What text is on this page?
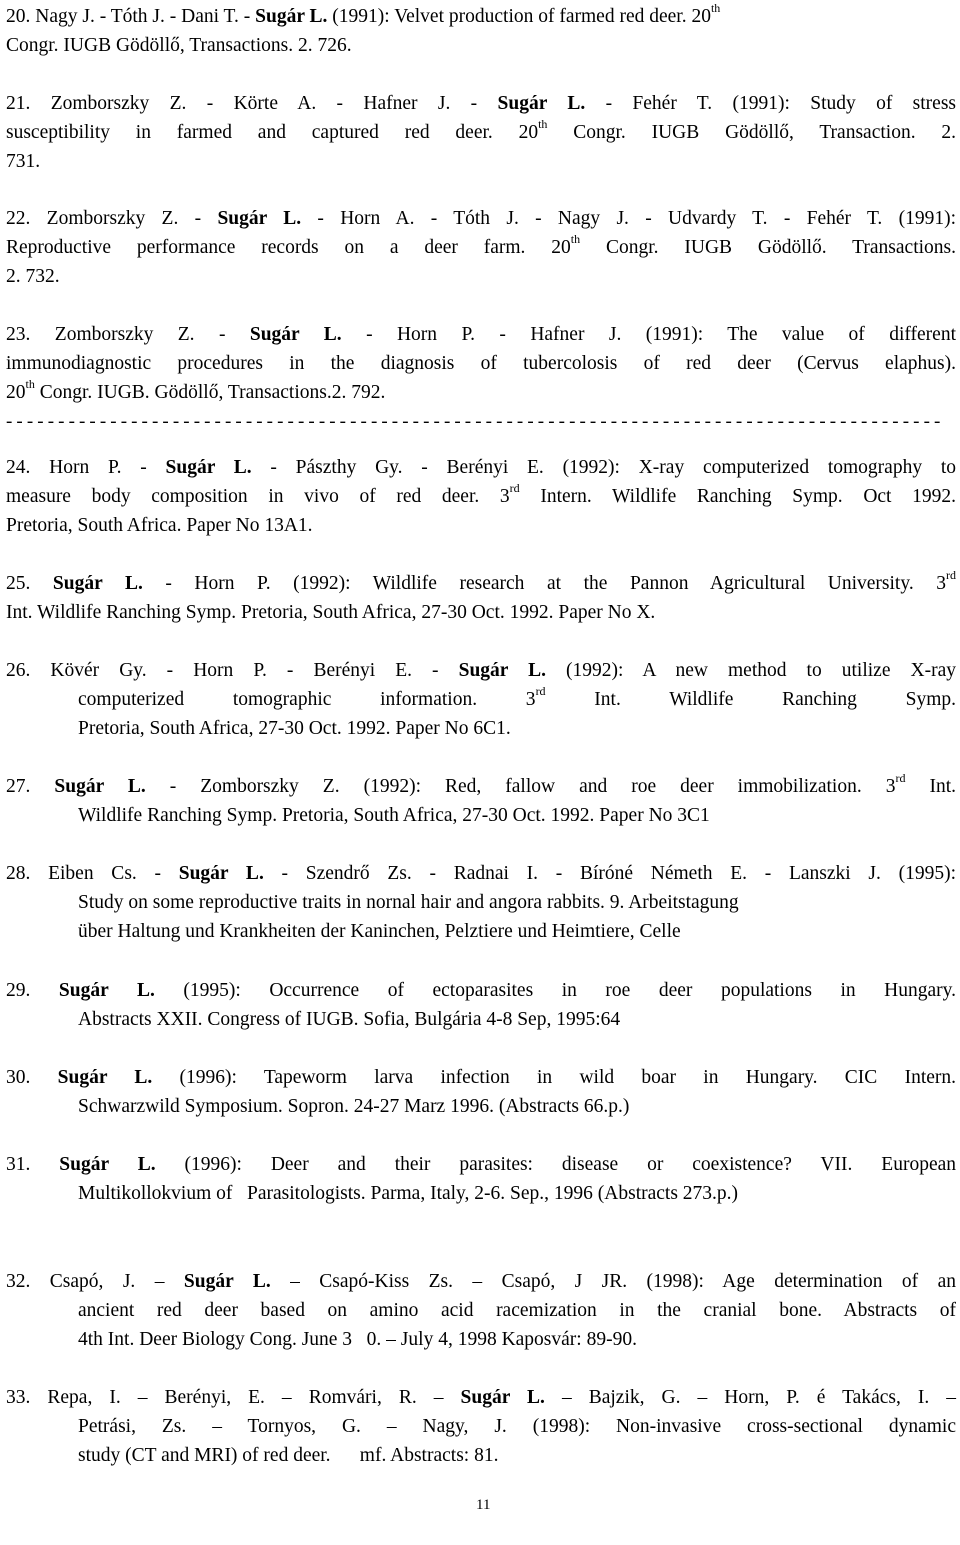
20. Nagy J. - Tóth J. - Dani T. - Sugár L. (1991): Velvet production of farmed red deer. 20th
Congr. IUGB Gödöllő, Transactions. 2. 726.
21. Zomborszky Z. - Körte A. - Hafner J. - Sugár L. - Fehér T. (1991): Study of stress
susceptibility in farmed and captured red deer. 20th Congr. IUGB Gödöllő, Transaction. 2.
731.
22. Zomborszky Z. - Sugár L. - Horn A. - Tóth J. - Nagy J. - Udvardy T. - Fehér T. (1991):
Reproductive performance records on a deer farm. 20th Congr. IUGB Gödöllő. Transactions.
2. 732.
23. Zomborszky Z. - Sugár L. - Horn P. - Hafner J. (1991): The value of different
immunodiagnostic procedures in the diagnosis of tubercolosis of red deer (Cervus elaphus).
20th Congr. IUGB. Gödöllő, Transactions.2. 792.
24. Horn P. - Sugár L. - Pászthy Gy. - Berényi E. (1992): X-ray computerized tomography to
measure body composition in vivo of red deer. 3rd Intern. Wildlife Ranching Symp. Oct 1992.
Pretoria, South Africa. Paper No 13A1.
25. Sugár L. - Horn P. (1992): Wildlife research at the Pannon Agricultural University. 3rd
Int. Wildlife Ranching Symp. Pretoria, South Africa, 27-30 Oct. 1992. Paper No X.
26. Kövér Gy. - Horn P. - Berényi E. - Sugár L. (1992): A new method to utilize X-ray
computerized tomographic information. 3rd Int. Wildlife Ranching Symp.
Pretoria, South Africa, 27-30 Oct. 1992. Paper No 6C1.
27. Sugár L. - Zomborszky Z. (1992): Red, fallow and roe deer immobilization. 3rd Int.
Wildlife Ranching Symp. Pretoria, South Africa, 27-30 Oct. 1992. Paper No 3C1
28. Eiben Cs. - Sugár L. - Szendrő Zs. - Radnai I. - Bíróné Németh E. - Lanszki J. (1995):
Study on some reproductive traits in nornal hair and angora rabbits. 9. Arbeitstagung
über Haltung und Krankheiten der Kaninchen, Pelztiere und Heimtiere, Celle
29. Sugár L. (1995): Occurrence of ectoparasites in roe deer populations in Hungary.
Abstracts XXII. Congress of IUGB. Sofia, Bulgária 4-8 Sep, 1995:64
30. Sugár L. (1996): Tapeworm larva infection in wild boar in Hungary. CIC Intern.
Schwarzwild Symposium. Sopron. 24-27 Marz 1996. (Abstracts 66.p.)
31. Sugár L. (1996): Deer and their parasites: disease or coexistence? VII. European
Multikollokvium of   Parasitologists. Parma, Italy, 2-6. Sep., 1996 (Abstracts 273.p.)
32. Csapó, J. – Sugár L. – Csapó-Kiss Zs. – Csapó, J JR. (1998): Age determination of an
ancient red deer based on amino acid racemization in the cranial bone. Abstracts of
4th Int. Deer Biology Cong. June 3   0. – July 4, 1998 Kaposvár: 89-90.
33. Repa, I. – Berényi, E. – Romvári, R. – Sugár L. – Bajzik, G. – Horn, P. é Takács, I. –
Petrási, Zs. – Tornyos, G. – Nagy, J. (1998): Non-invasive cross-sectional dynamic
study (CT and MRI) of red deer.      mf. Abstracts: 81.
------------------------------------------------------------------------------------------
11
